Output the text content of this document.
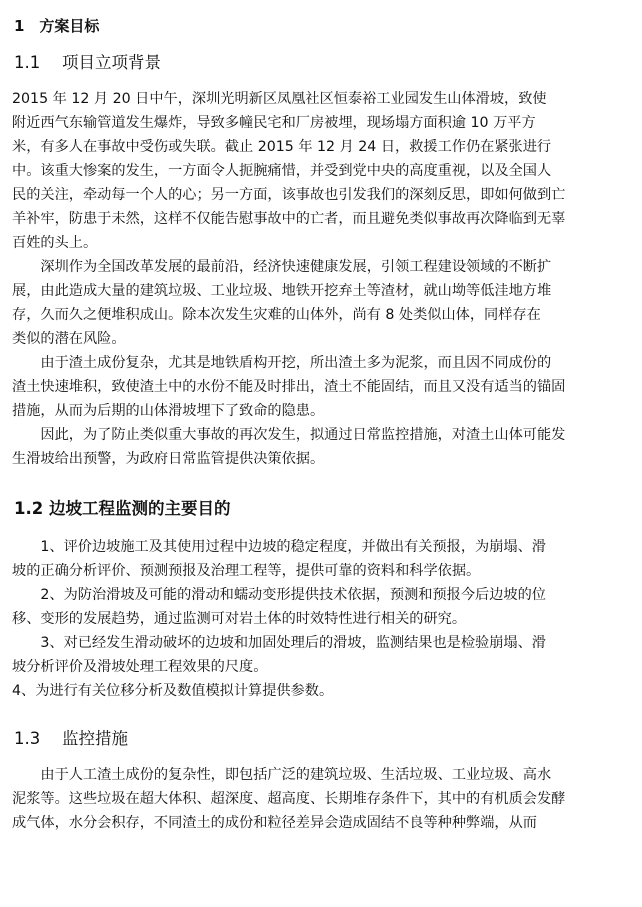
1　方案目标
1.1　 项目立项背景
2015 年 12 月 20 日中午，深圳光明新区凤凰社区恒泰裕工业园发生山体滑坡，致使
附近西气东输管道发生爆炸，导致多幢民宅和厂房被埋，现场塌方面积逾 10 万平方
米，有多人在事故中受伤或失联。截止 2015 年 12 月 24 日，救援工作仍在紧张进行
中。该重大惨案的发生，一方面令人扼腕痛惜，并受到党中央的高度重视，以及全国人
民的关注，牵动每一个人的心；另一方面，该事故也引发我们的深刻反思，即如何做到亡
羊补牢，防患于未然，这样不仅能告慰事故中的亡者，而且避免类似事故再次降临到无辜
百姓的头上。
　　深圳作为全国改革发展的最前沿，经济快速健康发展，引领工程建设领域的不断扩
展，由此造成大量的建筑垃圾、工业垃圾、地铁开挖弃土等渣材，就山坳等低洼地方堆
存，久而久之便堆积成山。除本次发生灾难的山体外，尚有 8 处类似山体，同样存在
类似的潜在风险。
　　由于渣土成份复杂，尤其是地铁盾构开挖，所出渣土多为泥浆，而且因不同成份的
渣土快速堆积，致使渣土中的水份不能及时排出，渣土不能固结，而且又没有适当的锚固
措施，从而为后期的山体滑坡埋下了致命的隐患。
　　因此，为了防止类似重大事故的再次发生，拟通过日常监控措施，对渣土山体可能发
生滑坡给出预警，为政府日常监管提供决策依据。
1.2 边坡工程监测的主要目的
　　1、评价边坡施工及其使用过程中边坡的稳定程度，并做出有关预报，为崩塌、滑
坡的正确分析评价、预测预报及治理工程等，提供可靠的资料和科学依据。
　　2、为防治滑坡及可能的滑动和蠕动变形提供技术依据，预测和预报今后边坡的位
移、变形的发展趋势，通过监测可对岩土体的时效特性进行相关的研究。
　　3、对已经发生滑动破坏的边坡和加固处理后的滑坡，监测结果也是检验崩塌、滑
坡分析评价及滑坡处理工程效果的尺度。
4、为进行有关位移分析及数值模拟计算提供参数。
1.3　 监控措施
　　由于人工渣土成份的复杂性，即包括广泛的建筑垃圾、生活垃圾、工业垃圾、高水
泥浆等。这些垃圾在超大体积、超深度、超高度、长期堆存条件下，其中的有机质会发酵
成气体，水分会积存，不同渣土的成份和粒径差异会造成固结不良等种种弊端，从而
